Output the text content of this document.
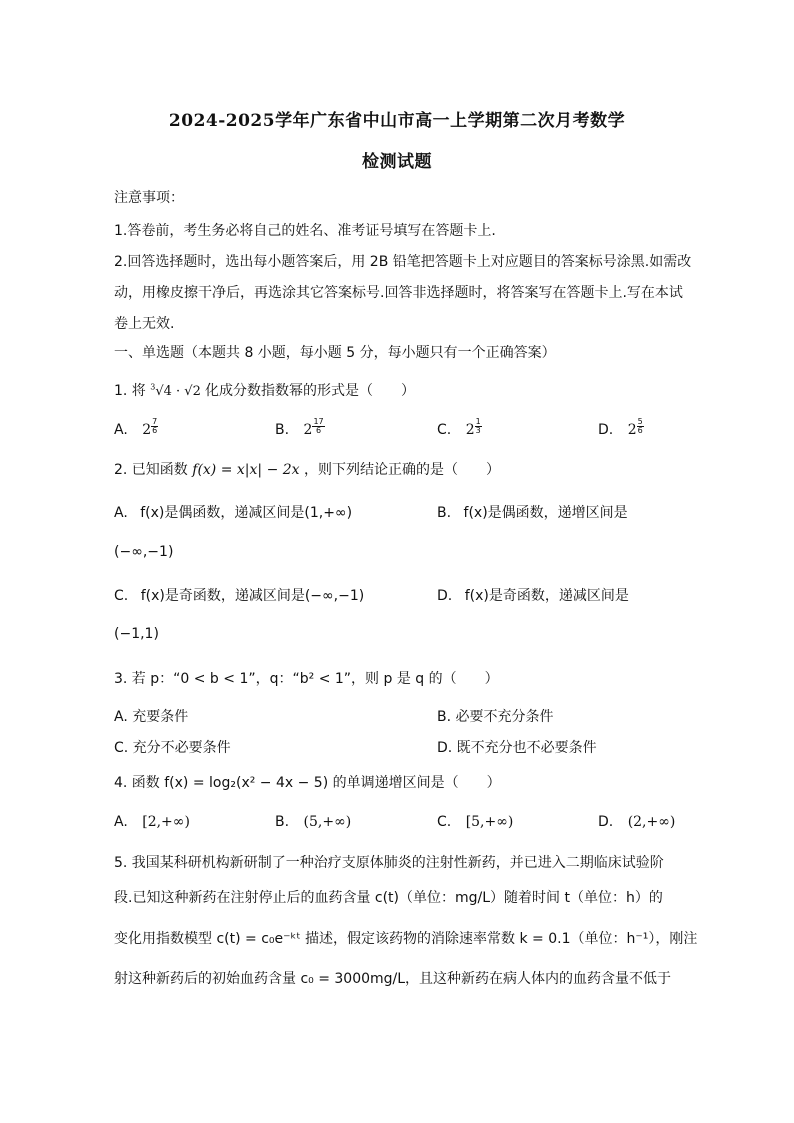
2024-2025学年广东省中山市高一上学期第二次月考数学
检测试题
注意事项：
1.答卷前，考生务必将自己的姓名、准考证号填写在答题卡上.
2.回答选择题时，选出每小题答案后，用 2B 铅笔把答题卡上对应题目的答案标号涂黑.如需改
动，用橡皮擦干净后，再选涂其它答案标号.回答非选择题时，将答案写在答题卡上.写在本试
卷上无效.
一、单选题（本题共 8 小题，每小题 5 分，每小题只有一个正确答案）
1. 将 $^3$√4 · √2 化成分数指数幂的形式是（　　）
A. $2 \frac{7}{6}$	B. $2 \frac{17}{6}$	C. $2 \frac{1}{3}$	D. $2 \frac{5}{6}$
2. 已知函数 f(x) = x|x| − 2x ，则下列结论正确的是（　　）
A. f(x)是偶函数，递减区间是(1,+∞)	B. f(x)是偶函数，递增区间是
(−∞,−1)
C. f(x)是奇函数，递减区间是(−∞,−1)	D. f(x)是奇函数，递减区间是
(−1,1)
3. 若 p：“0 < b < 1”，q：“b² < 1”，则 p 是 q 的（　　）
A. 充要条件	B. 必要不充分条件
C. 充分不必要条件	D. 既不充分也不必要条件
4. 函数 f(x) = log₂(x² − 4x − 5) 的单调递增区间是（　　）
A. [2,+∞)	B. (5,+∞)	C. [5,+∞)	D. (2,+∞)
5. 我国某科研机构新研制了一种治疗支原体肺炎的注射性新药，并已进入二期临床试验阶
段.已知这种新药在注射停止后的血药含量 c(t)（单位：mg/L）随着时间 t（单位：h）的
变化用指数模型 c(t) = c₀e⁻ᵏᵗ 描述，假定该药物的消除速率常数 k = 0.1（单位：h⁻¹），刚注
射这种新药后的初始血药含量 c₀ = 3000mg/L，且这种新药在病人体内的血药含量不低于
